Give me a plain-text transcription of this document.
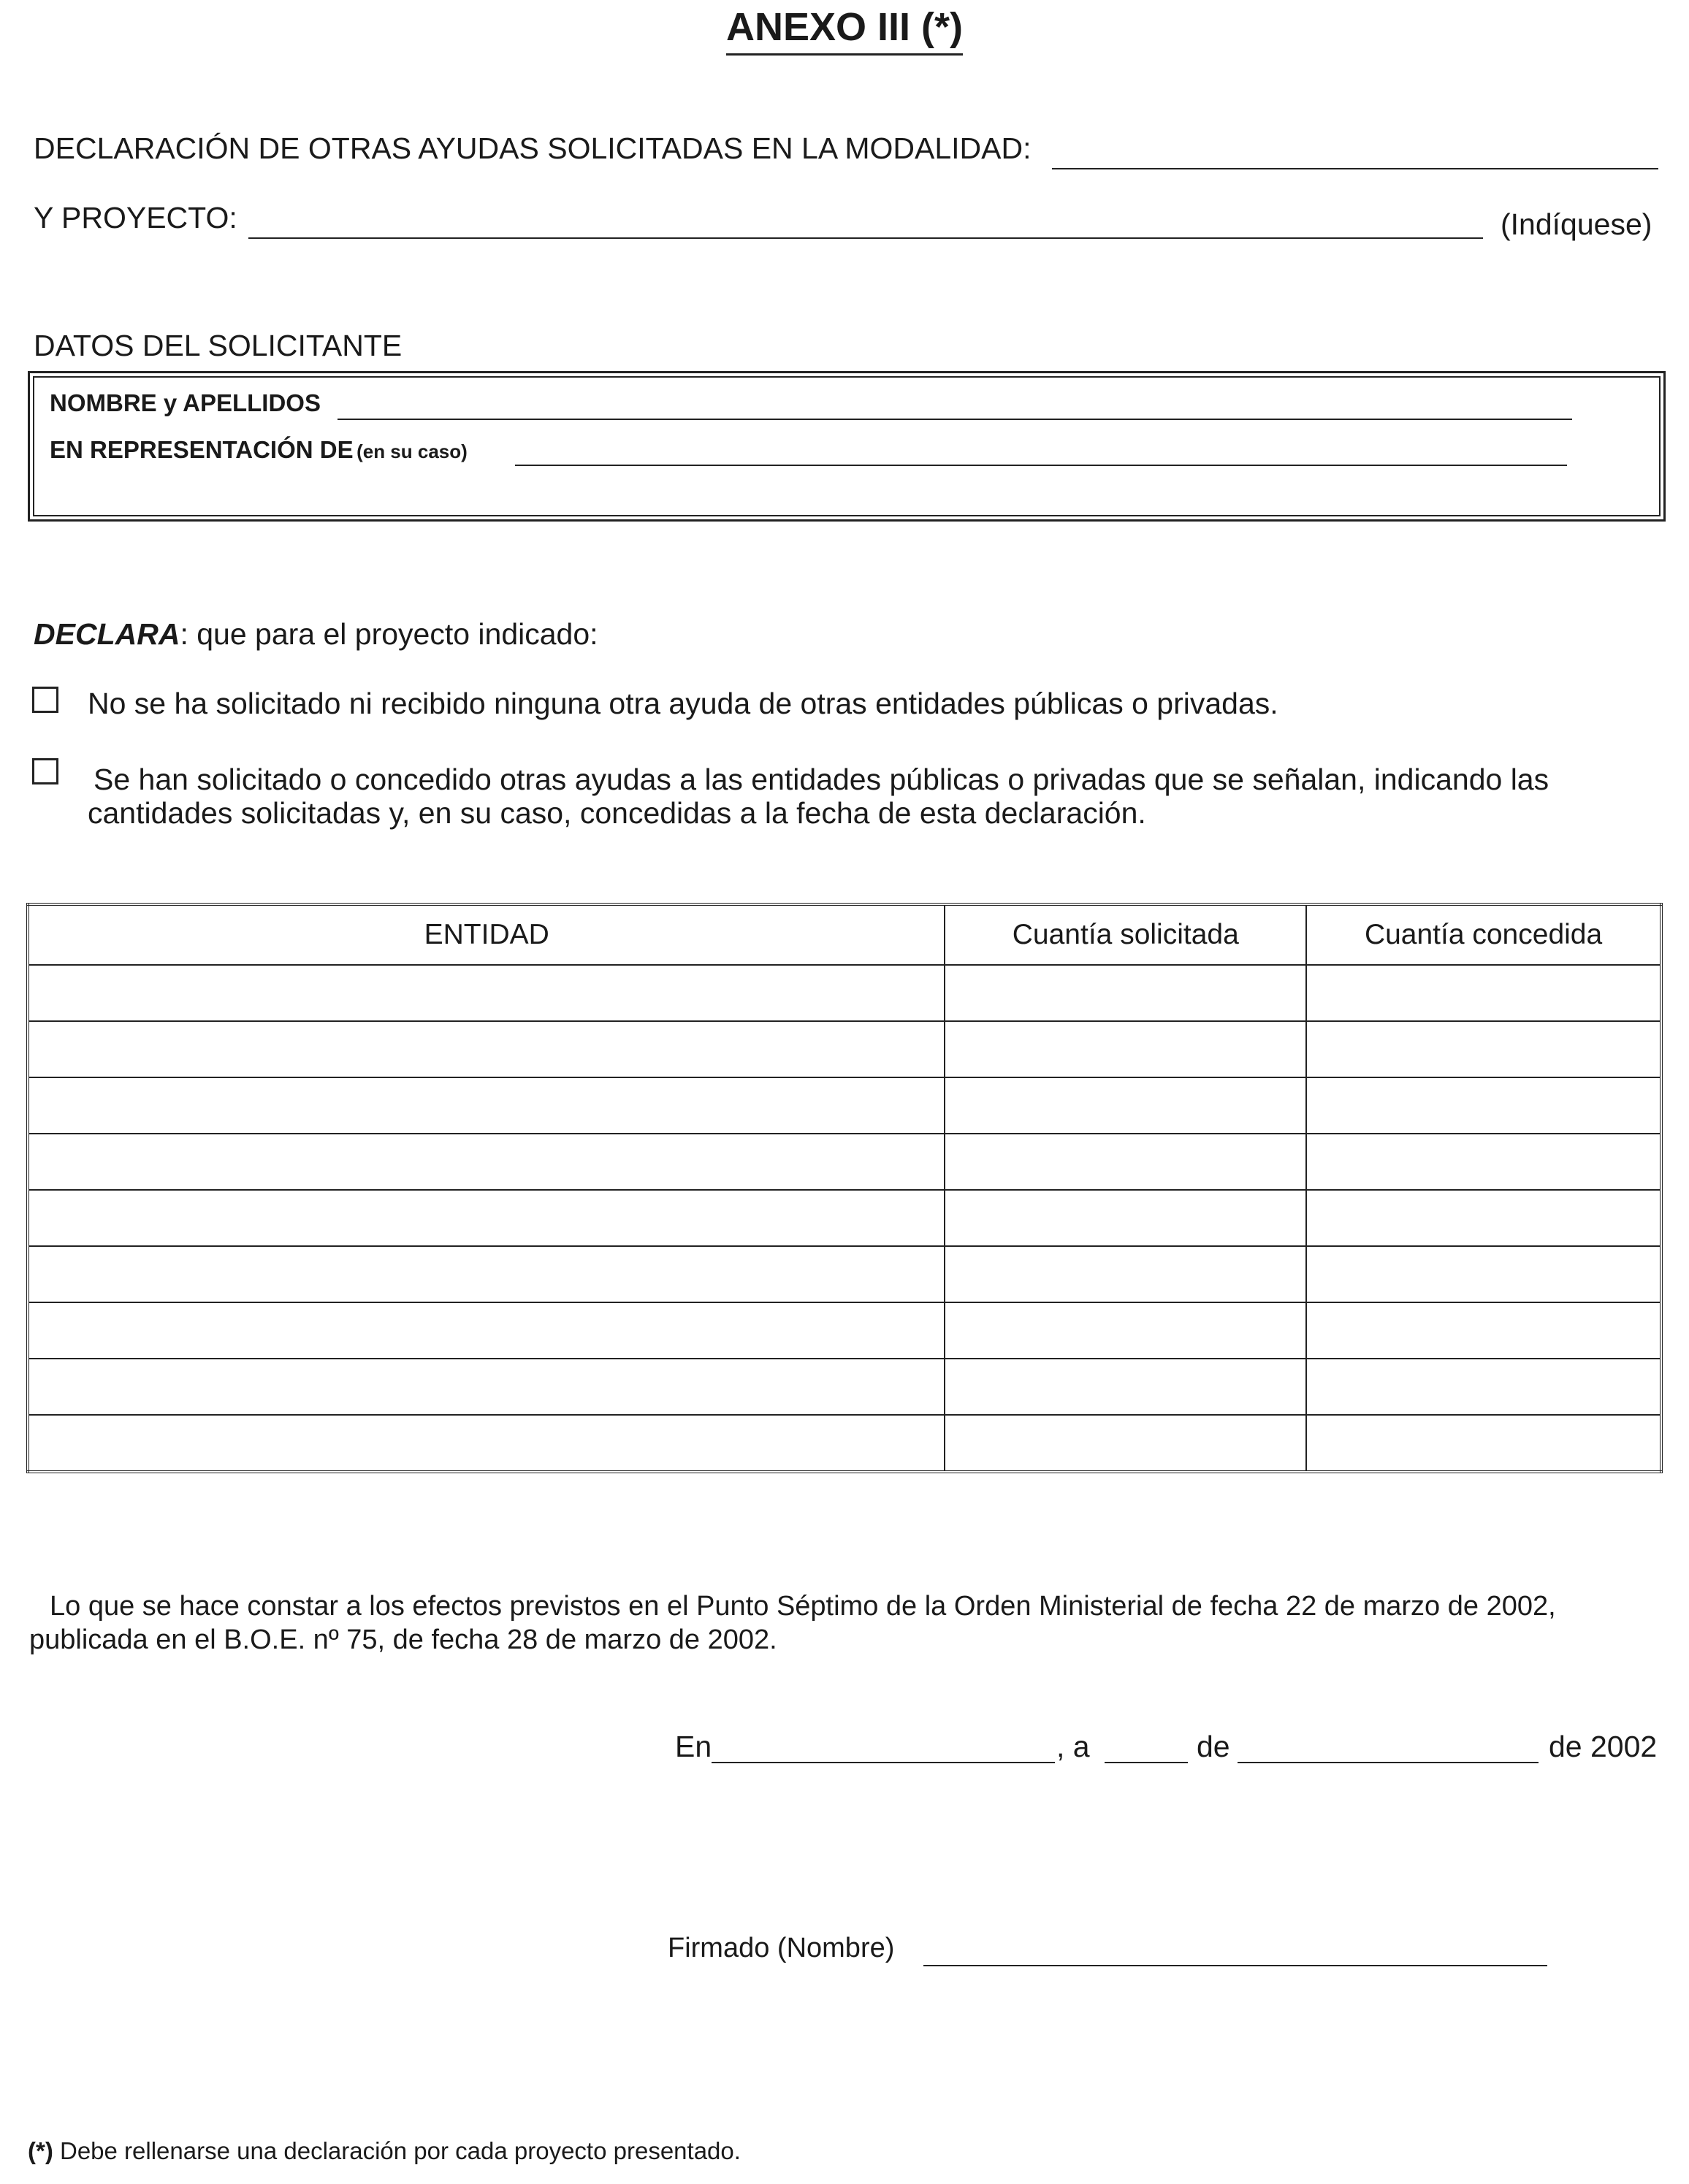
ANEXO III (*)
DECLARACIÓN DE OTRAS AYUDAS SOLICITADAS EN LA MODALIDAD:
Y PROYECTO:	(Indíquese)
DATOS DEL SOLICITANTE
NOMBRE y APELLIDOS
EN REPRESENTACIÓN DE (en su caso)
DECLARA: que para el proyecto indicado:
No se ha solicitado ni recibido ninguna otra ayuda de otras entidades públicas o privadas.
Se han solicitado o concedido otras ayudas a las entidades públicas o privadas que se señalan, indicando las
cantidades solicitadas y, en su caso, concedidas a la fecha de esta declaración.
ENTIDAD	Cuantía solicitada	Cuantía concedida

Lo que se hace constar a los efectos previstos en el Punto Séptimo de la Orden Ministerial de fecha 22 de marzo de 2002,
publicada en el B.O.E. nº 75, de fecha 28 de marzo de 2002.
En	, a	de	de 2002
Firmado (Nombre)
(*) Debe rellenarse una declaración por cada proyecto presentado.
